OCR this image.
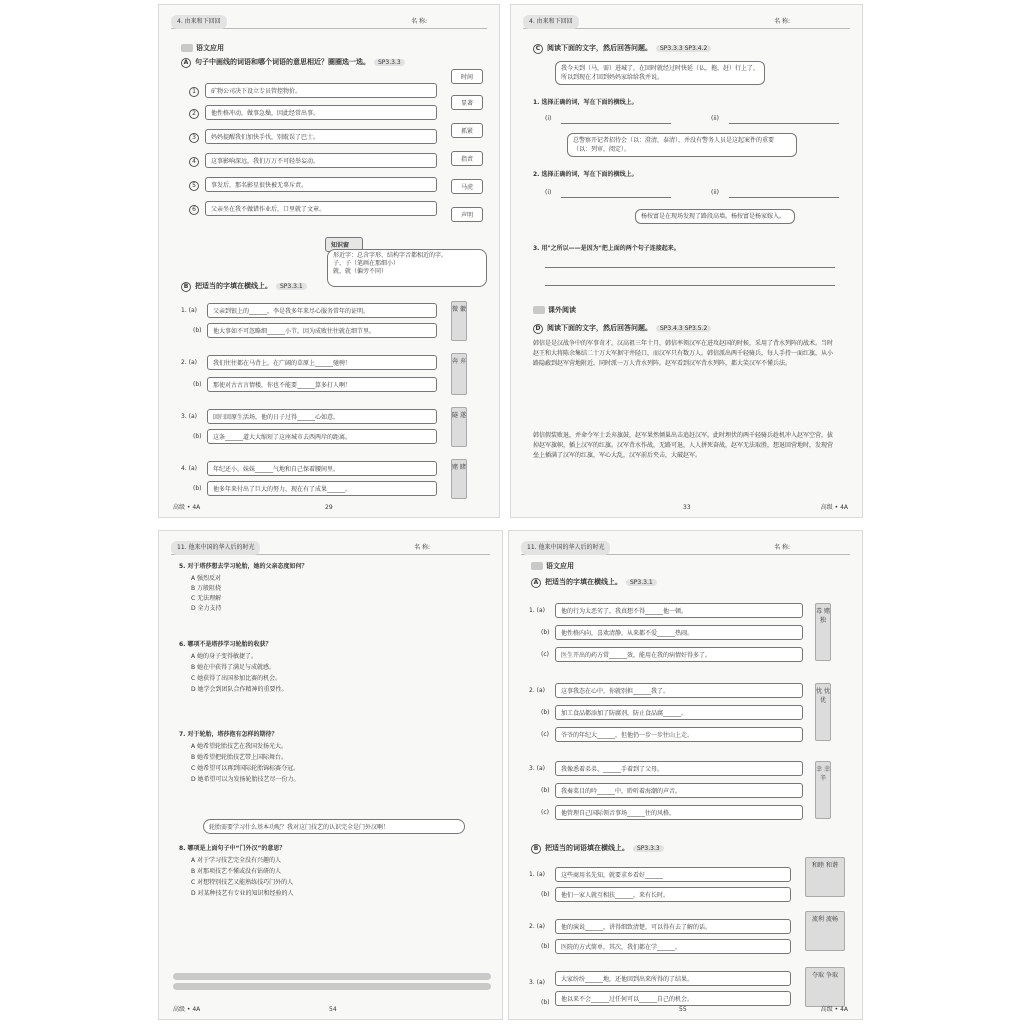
4. 由来和下回回	名 称:
语文应用
A 句子中画线的词语和哪个词语的意思相近？圈圈选一选。 SP3.3.3
1	矿物公司决下设立专员管控物价。
2	他性格冲动，做事急燥，因此经常出事。
3	妈妈提醒我们加快手伐，别耽误了巴士。
4	这事影响深远，我们万万不可轻举妄动。
5	事发后，那名影星很快被无辜斥责。
6	父亲坐在我不做错作业后，口里就了文章。
时间
显著
抓紧
指责
马虎
声明
知识窗
形近字：总含字形、结构字音都相近的字。
子、子（笔画在那细小）
就、就（偏旁不同）
B 把适当的字填在横线上。 SP3.3.1
1. (a)	父亲到银上的______，李是我多年来尽心服务常年的证明。
(b)	他大事如不可忽略细______小节，因为成败往往就在细节里。
微 徽
2. (a)	我们往往都在马背上，在广阔的草原上______驰骋！
(b)	那使对古古言情楼，你也不能要______算多打人啊！
奔 弃
3. (a)	回归回原生活场，他的日子过得______心如意。
(b)	这条______道大大缩短了这座城市去西两岸的距离。
隧 遂
4. (a)	年纪还小，妹妹______气地和自己保着腰间里。
(b)	他多年来付出了巨大的努力，现在有了成果______。
赌 睹
高级 • 4A	29
4. 由来和下回回	名 称:
C 阅读下面的文字，然后回答问题。 SP3.3.3 SP3.4.2
我今天到（马，需）进城了，在回时就经过时快延（仏，拖，赶）行上了，所以到现在才回到妈妈家给给我并说。
1. 选择正确的词，写在下面的横线上。
(i)	(ii)
总警察开记者招待会（以：澄清，泰清），并没有警务人员是这起案件的重要（以：列审，阅定）。
2. 选择正确的词，写在下面的横线上。
(i)	(ii)
杨按富是在现场发现了路段高墙。杨按富是杨家嫁入。
3. 用"之所以——是因为"把上面的两个句子连接起来。
课外阅读
D 阅读下面的文字，然后回答问题。 SP3.4.3 SP3.5.2
韩信是是汉战争中的军事奇才，汉高祖三年十月，韩信率领汉军在进攻赵国的时候，采用了背水列阵的战术。当时赵王和大将陈余集结二十万大军据守井陉口，而汉军只有数万人。韩信派出两千轻骑兵，每人手持一面红旗，从小路隐蔽到赵军营地附近，同时派一万人背水列阵。赵军看到汉军背水列阵，都大笑汉军不懂兵法。
韩信假装败退，并命令军士丢弃旗鼓，赵军果然倾巢出击追赶汉军。此时埋伏的两千轻骑兵趁机冲入赵军空营，拔掉赵军旗帜，插上汉军的红旗。汉军背水作战，无路可退，人人拼死奋战，赵军无法取胜，想退回营地时，发现营垒上插满了汉军的红旗，军心大乱，汉军前后夹击，大破赵军。
33	高级 • 4A
11. 他来中国的华人后的时光	名 称:
5. 对于塔莎想去学习轮胎，她的父亲态度如何？
A 强烈反对
B 万般阻挠
C 无法理解
D 全力支持
6. 哪项不是塔莎学习轮胎的收获？
A 她的身子变得敏捷了。
B 她在中获得了满足与成就感。
C 她获得了出国参加比赛的机会。
D 她学会到团队合作精神的重要性。
7. 对于轮胎，塔莎抱有怎样的期待？
A 她希望轮胎技艺在我国发扬光大。
B 她希望把轮胎技艺带上国际舞台。
C 她希望可以再到国际轮胎锦标赛夺冠。
D 她希望可以为发扬轮胎技艺尽一份力。
轮胎需要学习什么基本功呢？我对这门技艺的认识完全是门外汉啊！
8. 哪项是上面句子中“门外汉”的意思？
A 对于学习技艺完全没有兴趣的人
B 对那项技艺不懂或没有钻研的人
C 对想特别技艺又能熟练技巧门外的人
D 对某种技艺有专业的知识和经验的人
高级 • 4A	54
11. 他来中国的华人后的时光	名 称:
语文应用
A 把适当的字填在横线上。 SP3.3.1
1. (a)	他的行为太恶劣了，我真想不得______他一顿。
(b)	他性格内向，喜欢清静，从来都不爱______热闹。
(c)	医生开出的药方常______效，能用在我的病情好得多了。
毒 赌 独
2. (a)	这事我态在心中，你就别担______我了。
(b)	加工食品都添加了防腐剂，防止食品腐______。
(c)	爷爷的年纪大______，但他仍一步一步往山上走。
忧 忧 优
3. (a)	我像悉着弟弟、______手着到了父母。
(b)	我奏菜目的吟______中，聆听着海潮的声音。
(c)	他管理自己国际领音事场______往的风格。
幸 幸 辛
B 把适当的词语填在横线上。 SP3.3.3
1. (a)	这些商用名先知，就要求乡看好______
(b)	他们一家人就互相扶______，来有长时。
和睦 和谐
2. (a)	他的演说______，讲得细致清楚，可以得有去了解的话。
(b)	医院的方式简单，其次，我们都在学______。
流利 流畅
3. (a)	大家纷纷______地，还他回到出来所得的了结果。
(b)	他以来不会______过任何可以______自己的机会。
夺取 争取
55	高级 • 4A
